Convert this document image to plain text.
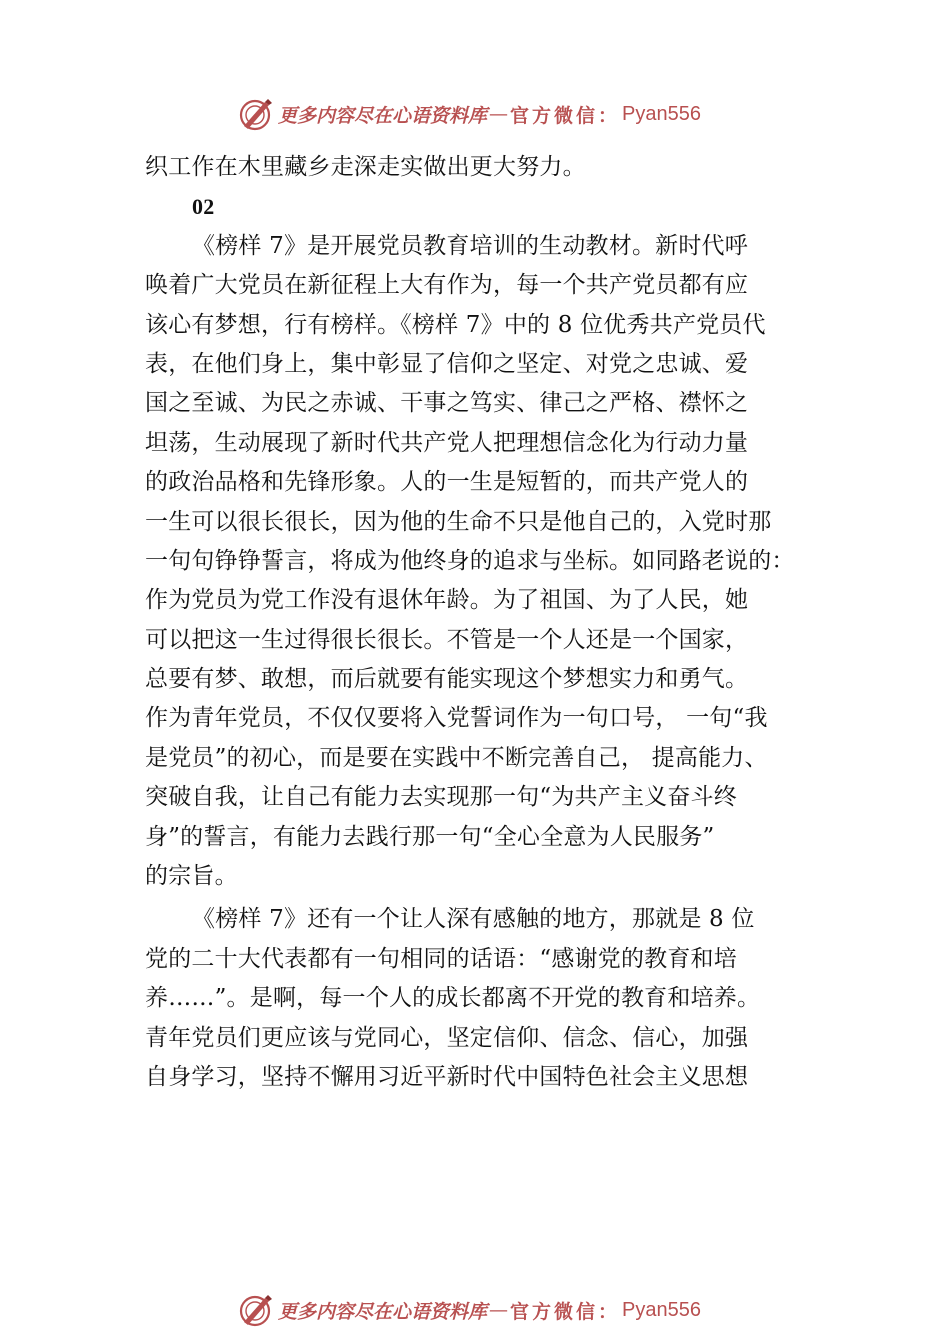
更多内容尽在心语资料库 — 官方微信： Pyan556
织工作在木里藏乡走深走实做出更大努力。
02
《榜样 7》是开展党员教育培训的生动教材。新时代呼
唤着广大党员在新征程上大有作为，每一个共产党员都有应
该心有梦想，行有榜样。《榜样 7》中的 8 位优秀共产党员代
表，在他们身上，集中彰显了信仰之坚定、对党之忠诚、爱
国之至诚、为民之赤诚、干事之笃实、律己之严格、襟怀之
坦荡，生动展现了新时代共产党人把理想信念化为行动力量
的政治品格和先锋形象。人的一生是短暂的，而共产党人的
一生可以很长很长，因为他的生命不只是他自己的，入党时那
一句句铮铮誓言，将成为他终身的追求与坐标。如同路老说的：
作为党员为党工作没有退休年龄。为了祖国、为了人民，她
可以把这一生过得很长很长。不管是一个人还是一个国家，
总要有梦、敢想，而后就要有能实现这个梦想实力和勇气。
作为青年党员，不仅仅要将入党誓词作为一句口号， 一句“我
是党员”的初心，而是要在实践中不断完善自己， 提高能力、
突破自我，让自己有能力去实现那一句“为共产主义奋斗终
身”的誓言，有能力去践行那一句“全心全意为人民服务”
的宗旨。
《榜样 7》还有一个让人深有感触的地方，那就是 8 位
党的二十大代表都有一句相同的话语：“感谢党的教育和培
养……”。是啊，每一个人的成长都离不开党的教育和培养。
青年党员们更应该与党同心，坚定信仰、信念、信心，加强
自身学习，坚持不懈用习近平新时代中国特色社会主义思想
更多内容尽在心语资料库 — 官方微信： Pyan556
